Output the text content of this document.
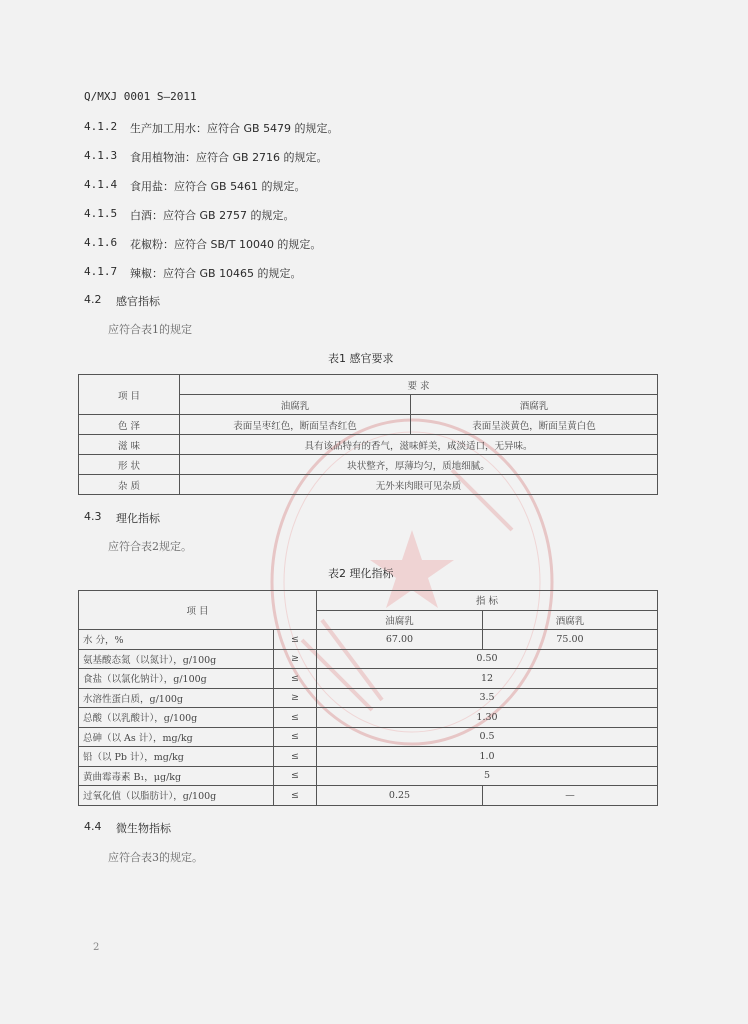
Q/MXJ 0001 S—2011
4.1.2 生产加工用水：应符合 GB 5479 的规定。
4.1.3 食用植物油：应符合 GB 2716 的规定。
4.1.4 食用盐：应符合 GB 5461 的规定。
4.1.5 白酒：应符合 GB 2757 的规定。
4.1.6 花椒粉：应符合 SB/T 10040 的规定。
4.1.7 辣椒：应符合 GB 10465 的规定。
4.2 感官指标
应符合表1的规定
表1 感官要求
项 目	要 求	
	油腐乳	酒腐乳
色 泽	表面呈枣红色，断面呈杏红色	表面呈淡黄色，断面呈黄白色
滋 味	具有该品特有的香气，滋味鲜美，咸淡适口，无异味。	
形 状	块状整齐，厚薄均匀，质地细腻。	
杂 质	无外来肉眼可见杂质	
4.3 理化指标
应符合表2规定。
表2 理化指标
项 目		指 标	
		油腐乳	酒腐乳
水 分，%	≤	67.00	75.00
氨基酸态氮（以氮计），g/100g	≥	0.50	
食盐（以氯化钠计），g/100g	≤	12	
水溶性蛋白质，g/100g	≥	3.5	
总酸（以乳酸计），g/100g	≤	1.30	
总砷（以 As 计），mg/kg	≤	0.5	
铅（以 Pb 计），mg/kg	≤	1.0	
黄曲霉毒素 B₁，μg/kg	≤	5	
过氧化值（以脂肪计），g/100g	≤	0.25	—
4.4 微生物指标
应符合表3的规定。
2
